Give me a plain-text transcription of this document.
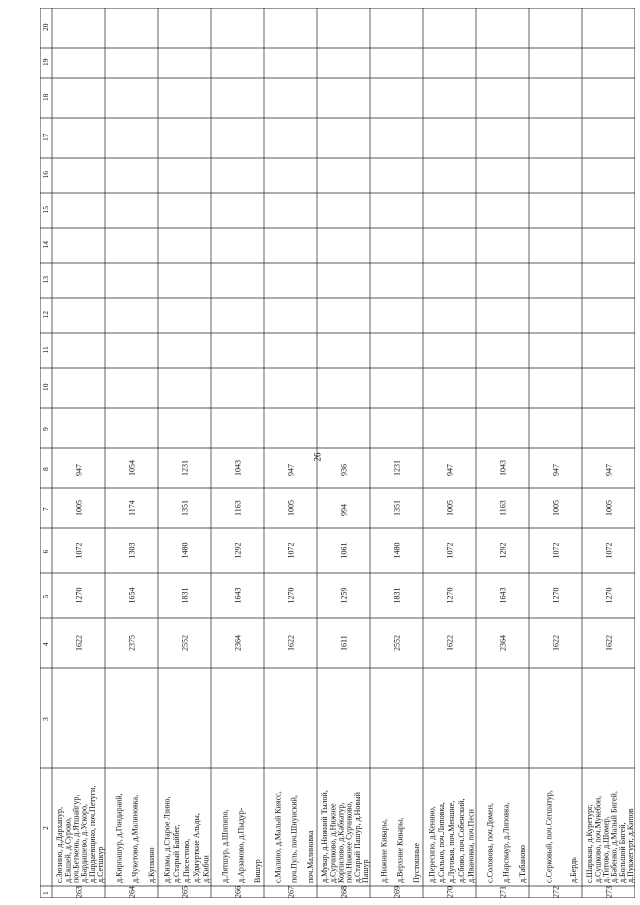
26
1
2
3
4
5
6
7
8
9
10
11
12
13
14
15
16
17
18
19
20
263
с.Зюзино, д.Дархапур, д.Екшей, д.Сурово, поч.Бетмень, д.Ятшайгур, д.Бардашево, д.Ускоро, д.Пардаевщино, поч.Петуги, д.Сетшкур
1622
1270
1072
1005
947
264
д.Кирпашур, д.Гондараий, д.Чукетово, д.Малиновка, д.Купкино
2375
1654
1303
1174
1054
265
д.Кизма, д.Старое Лзино, д.Старый Байбег, д.Писестово, д.Удмурткие Альды, д.Кибчи
2552
1831
1480
1351
1231
266
д.Лятшур, д.Шипяпо, д.Арзамово, д.Пыдур- Вишур
2364
1643
1292
1163
1043
267
с.Малино, д.Малый Киясс, поч.Пуль, поч.Шнуиский, поч.Малиновка
1622
1270
1072
1005
947
268
д.Мувар, д.Нижний Тылой, д.Сурчиково, д.Нижнее Корпилово, д.Кабкатур, поч.Нижнее Сурчиково, д.Старый Пашур, д.Новый Пашур
1611
1259
1061
994
936
269
д.Нижние Кивары, д.Верхние Кивары, Пустошные
2552
1831
1480
1351
1231
270
д.Пересипо, д.Кенино, д.Сильно, поч.Липовка, д.Луговая, поч.Меншне, д.Сбово, поч.Собенский, д.Ивановка, поч.Песи
1622
1270
1072
1005
947
271
с.Соловова, поч.Домен, д.Нарсмаур, д.Липовка, д.Табаново
2364
1643
1292
1163
1043
272
с.Серковый, поч.Сегшатур, д.Бердь
1622
1270
1072
1005
947
273
с.Шарькан, д.Куретург, д.Сушково, поч.Мукебон, д.Титово, д.Шомер, д.Бабенко, д.Малый Бигей, д.Большой Бигей, д.Пукжегурт, д.Кипов
1622
1270
1072
1005
947
